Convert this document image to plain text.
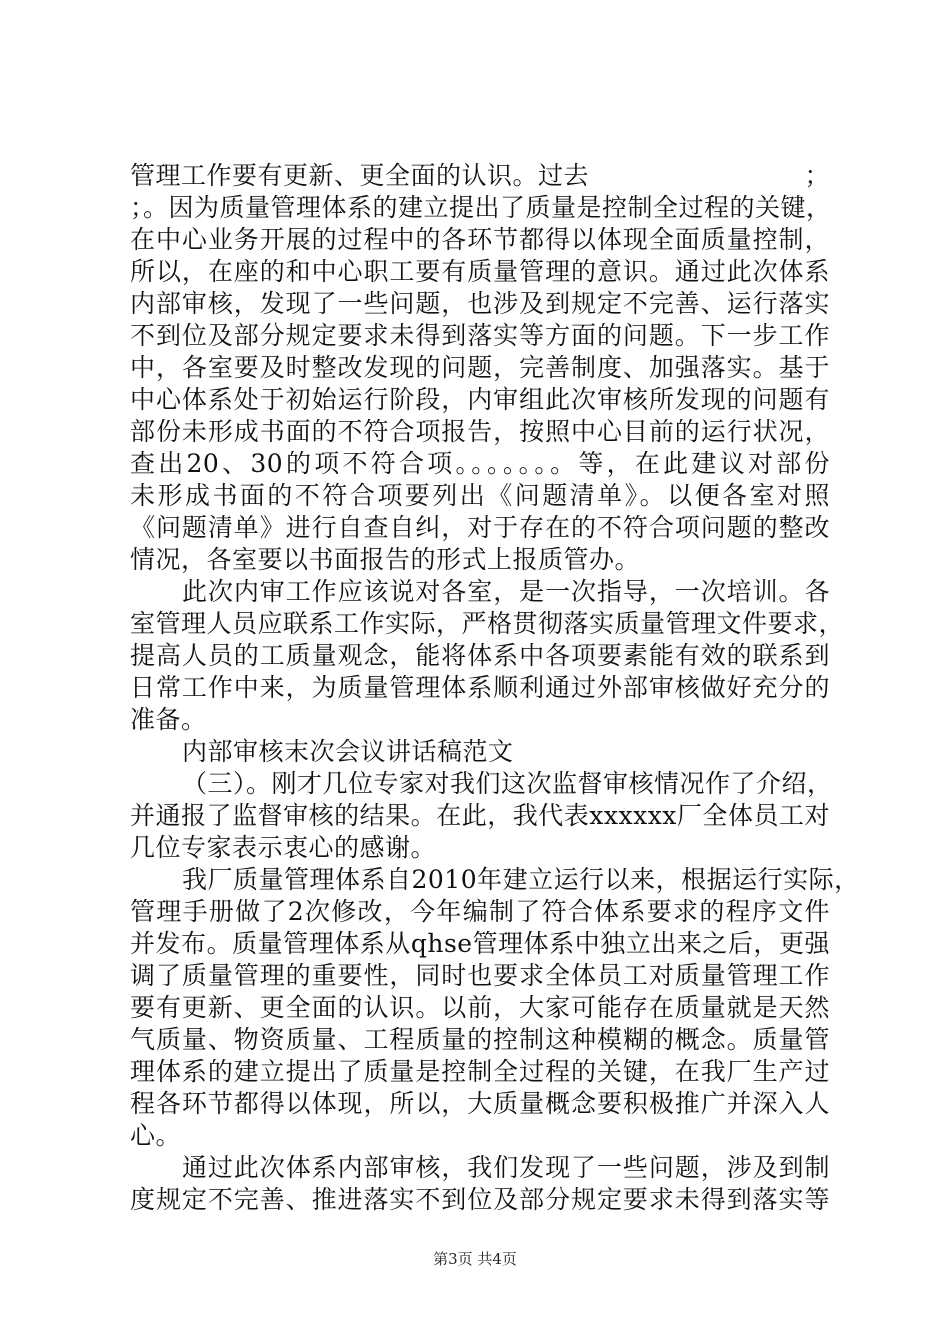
管理工作要有更新、更全面的认识。过去	；
；。因为质量管理体系的建立提出了质量是控制全过程的关键，
在中心业务开展的过程中的各环节都得以体现全面质量控制，
所以，在座的和中心职工要有质量管理的意识。通过此次体系
内部审核，发现了一些问题，也涉及到规定不完善、运行落实
不到位及部分规定要求未得到落实等方面的问题。下一步工作
中，各室要及时整改发现的问题，完善制度、加强落实。基于
中心体系处于初始运行阶段，内审组此次审核所发现的问题有
部份未形成书面的不符合项报告，按照中心目前的运行状况，
查出20、30的项不符合项。。。。。。。等，在此建议对部份
未形成书面的不符合项要列出《问题清单》。以便各室对照
《问题清单》进行自查自纠，对于存在的不符合项问题的整改
情况，各室要以书面报告的形式上报质管办。
此次内审工作应该说对各室，是一次指导，一次培训。各
室管理人员应联系工作实际，严格贯彻落实质量管理文件要求，
提高人员的工质量观念，能将体系中各项要素能有效的联系到
日常工作中来，为质量管理体系顺利通过外部审核做好充分的
准备。
内部审核末次会议讲话稿范文
（三）。刚才几位专家对我们这次监督审核情况作了介绍，
并通报了监督审核的结果。在此，我代表xxxxxx厂全体员工对
几位专家表示衷心的感谢。
我厂质量管理体系自2010年建立运行以来，根据运行实际，
管理手册做了2次修改，今年编制了符合体系要求的程序文件
并发布。质量管理体系从qhse管理体系中独立出来之后，更强
调了质量管理的重要性，同时也要求全体员工对质量管理工作
要有更新、更全面的认识。以前，大家可能存在质量就是天然
气质量、物资质量、工程质量的控制这种模糊的概念。质量管
理体系的建立提出了质量是控制全过程的关键，在我厂生产过
程各环节都得以体现，所以，大质量概念要积极推广并深入人
心。
通过此次体系内部审核，我们发现了一些问题，涉及到制
度规定不完善、推进落实不到位及部分规定要求未得到落实等
第3页 共4页
